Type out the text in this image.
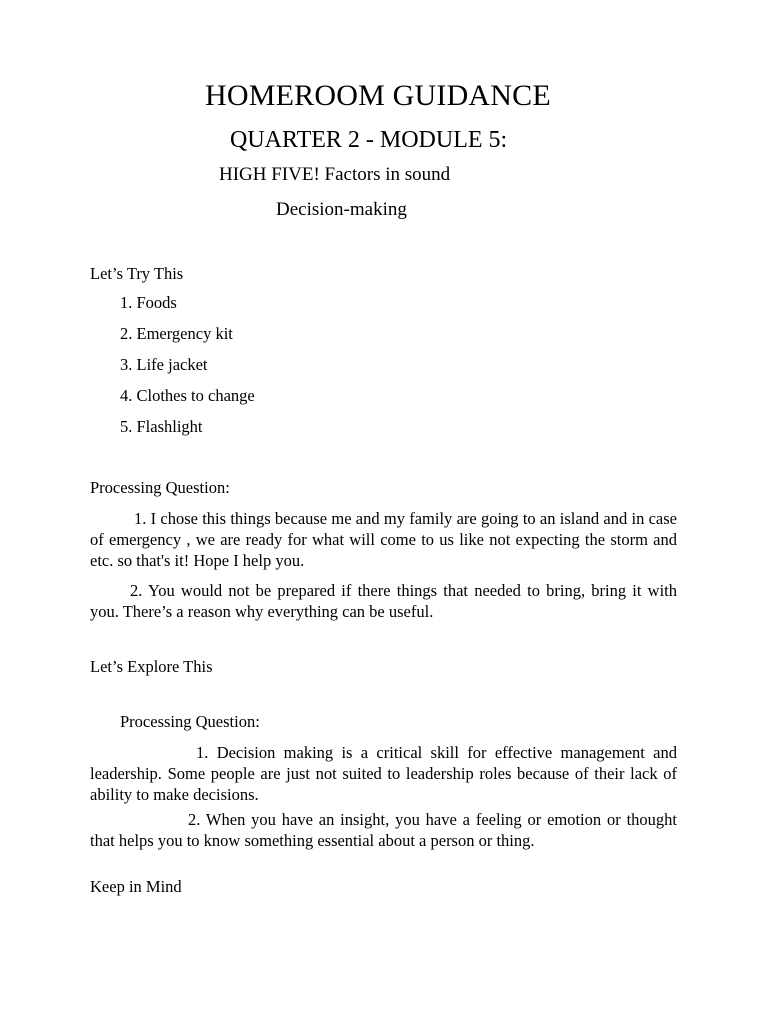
HOMEROOM GUIDANCE
QUARTER 2 - MODULE 5:
HIGH FIVE! Factors in sound
Decision-making
Let’s Try This
1. Foods
2. Emergency kit
3. Life jacket
4. Clothes to change
5. Flashlight
Processing Question:

1. I chose this things because me and my family are going to an island and in case of emergency , we are ready for what will come to us like not expecting the storm and etc. so that's it! Hope I help you.

2. You would not be prepared if there things that needed to bring, bring it with you. There’s a reason why everything can be useful.

Let’s Explore This
Processing Question:

1. Decision making is a critical skill for effective management and leadership. Some people are just not suited to leadership roles because of their lack of ability to make decisions.

2. When you have an insight, you have a feeling or emotion or thought that helps you to know something essential about a person or thing.

Keep in Mind
